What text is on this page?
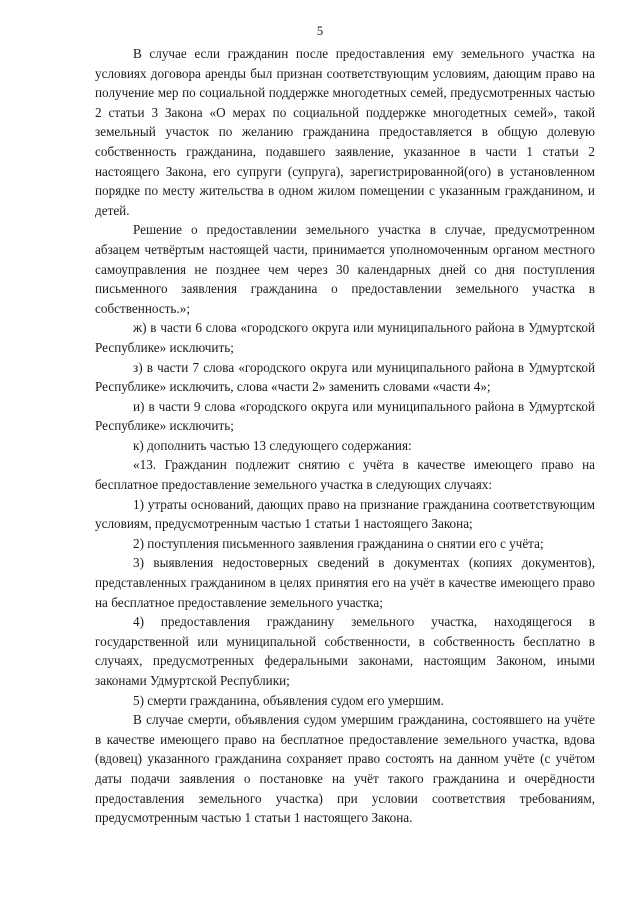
5

В случае если гражданин после предоставления ему земельного участка на условиях договора аренды был признан соответствующим условиям, дающим право на получение мер по социальной поддержке многодетных семей, предусмотренных частью 2 статьи 3 Закона «О мерах по социальной поддержке многодетных семей», такой земельный участок по желанию гражданина предоставляется в общую долевую собственность гражданина, подавшего заявление, указанное в части 1 статьи 2 настоящего Закона, его супруги (супруга), зарегистрированной(ого) в установленном порядке по месту жительства в одном жилом помещении с указанным гражданином, и детей.

Решение о предоставлении земельного участка в случае, предусмотренном абзацем четвёртым настоящей части, принимается уполномоченным органом местного самоуправления не позднее чем через 30 календарных дней со дня поступления письменного заявления гражданина о предоставлении земельного участка в собственность.»;

ж) в части 6 слова «городского округа или муниципального района в Удмуртской Республике» исключить;

з) в части 7 слова «городского округа или муниципального района в Удмуртской Республике» исключить, слова «части 2» заменить словами «части 4»;

и) в части 9 слова «городского округа или муниципального района в Удмуртской Республике» исключить;

к) дополнить частью 13 следующего содержания:

«13. Гражданин подлежит снятию с учёта в качестве имеющего право на бесплатное предоставление земельного участка в следующих случаях:

1) утраты оснований, дающих право на признание гражданина соответствующим условиям, предусмотренным частью 1 статьи 1 настоящего Закона;

2) поступления письменного заявления гражданина о снятии его с учёта;

3) выявления недостоверных сведений в документах (копиях документов), представленных гражданином в целях принятия его на учёт в качестве имеющего право на бесплатное предоставление земельного участка;

4) предоставления гражданину земельного участка, находящегося в государственной или муниципальной собственности, в собственность бесплатно в случаях, предусмотренных федеральными законами, настоящим Законом, иными законами Удмуртской Республики;

5) смерти гражданина, объявления судом его умершим.

В случае смерти, объявления судом умершим гражданина, состоявшего на учёте в качестве имеющего право на бесплатное предоставление земельного участка, вдова (вдовец) указанного гражданина сохраняет право состоять на данном учёте (с учётом даты подачи заявления о постановке на учёт такого гражданина и очерёдности предоставления земельного участка) при условии соответствия требованиям, предусмотренным частью 1 статьи 1 настоящего Закона.
